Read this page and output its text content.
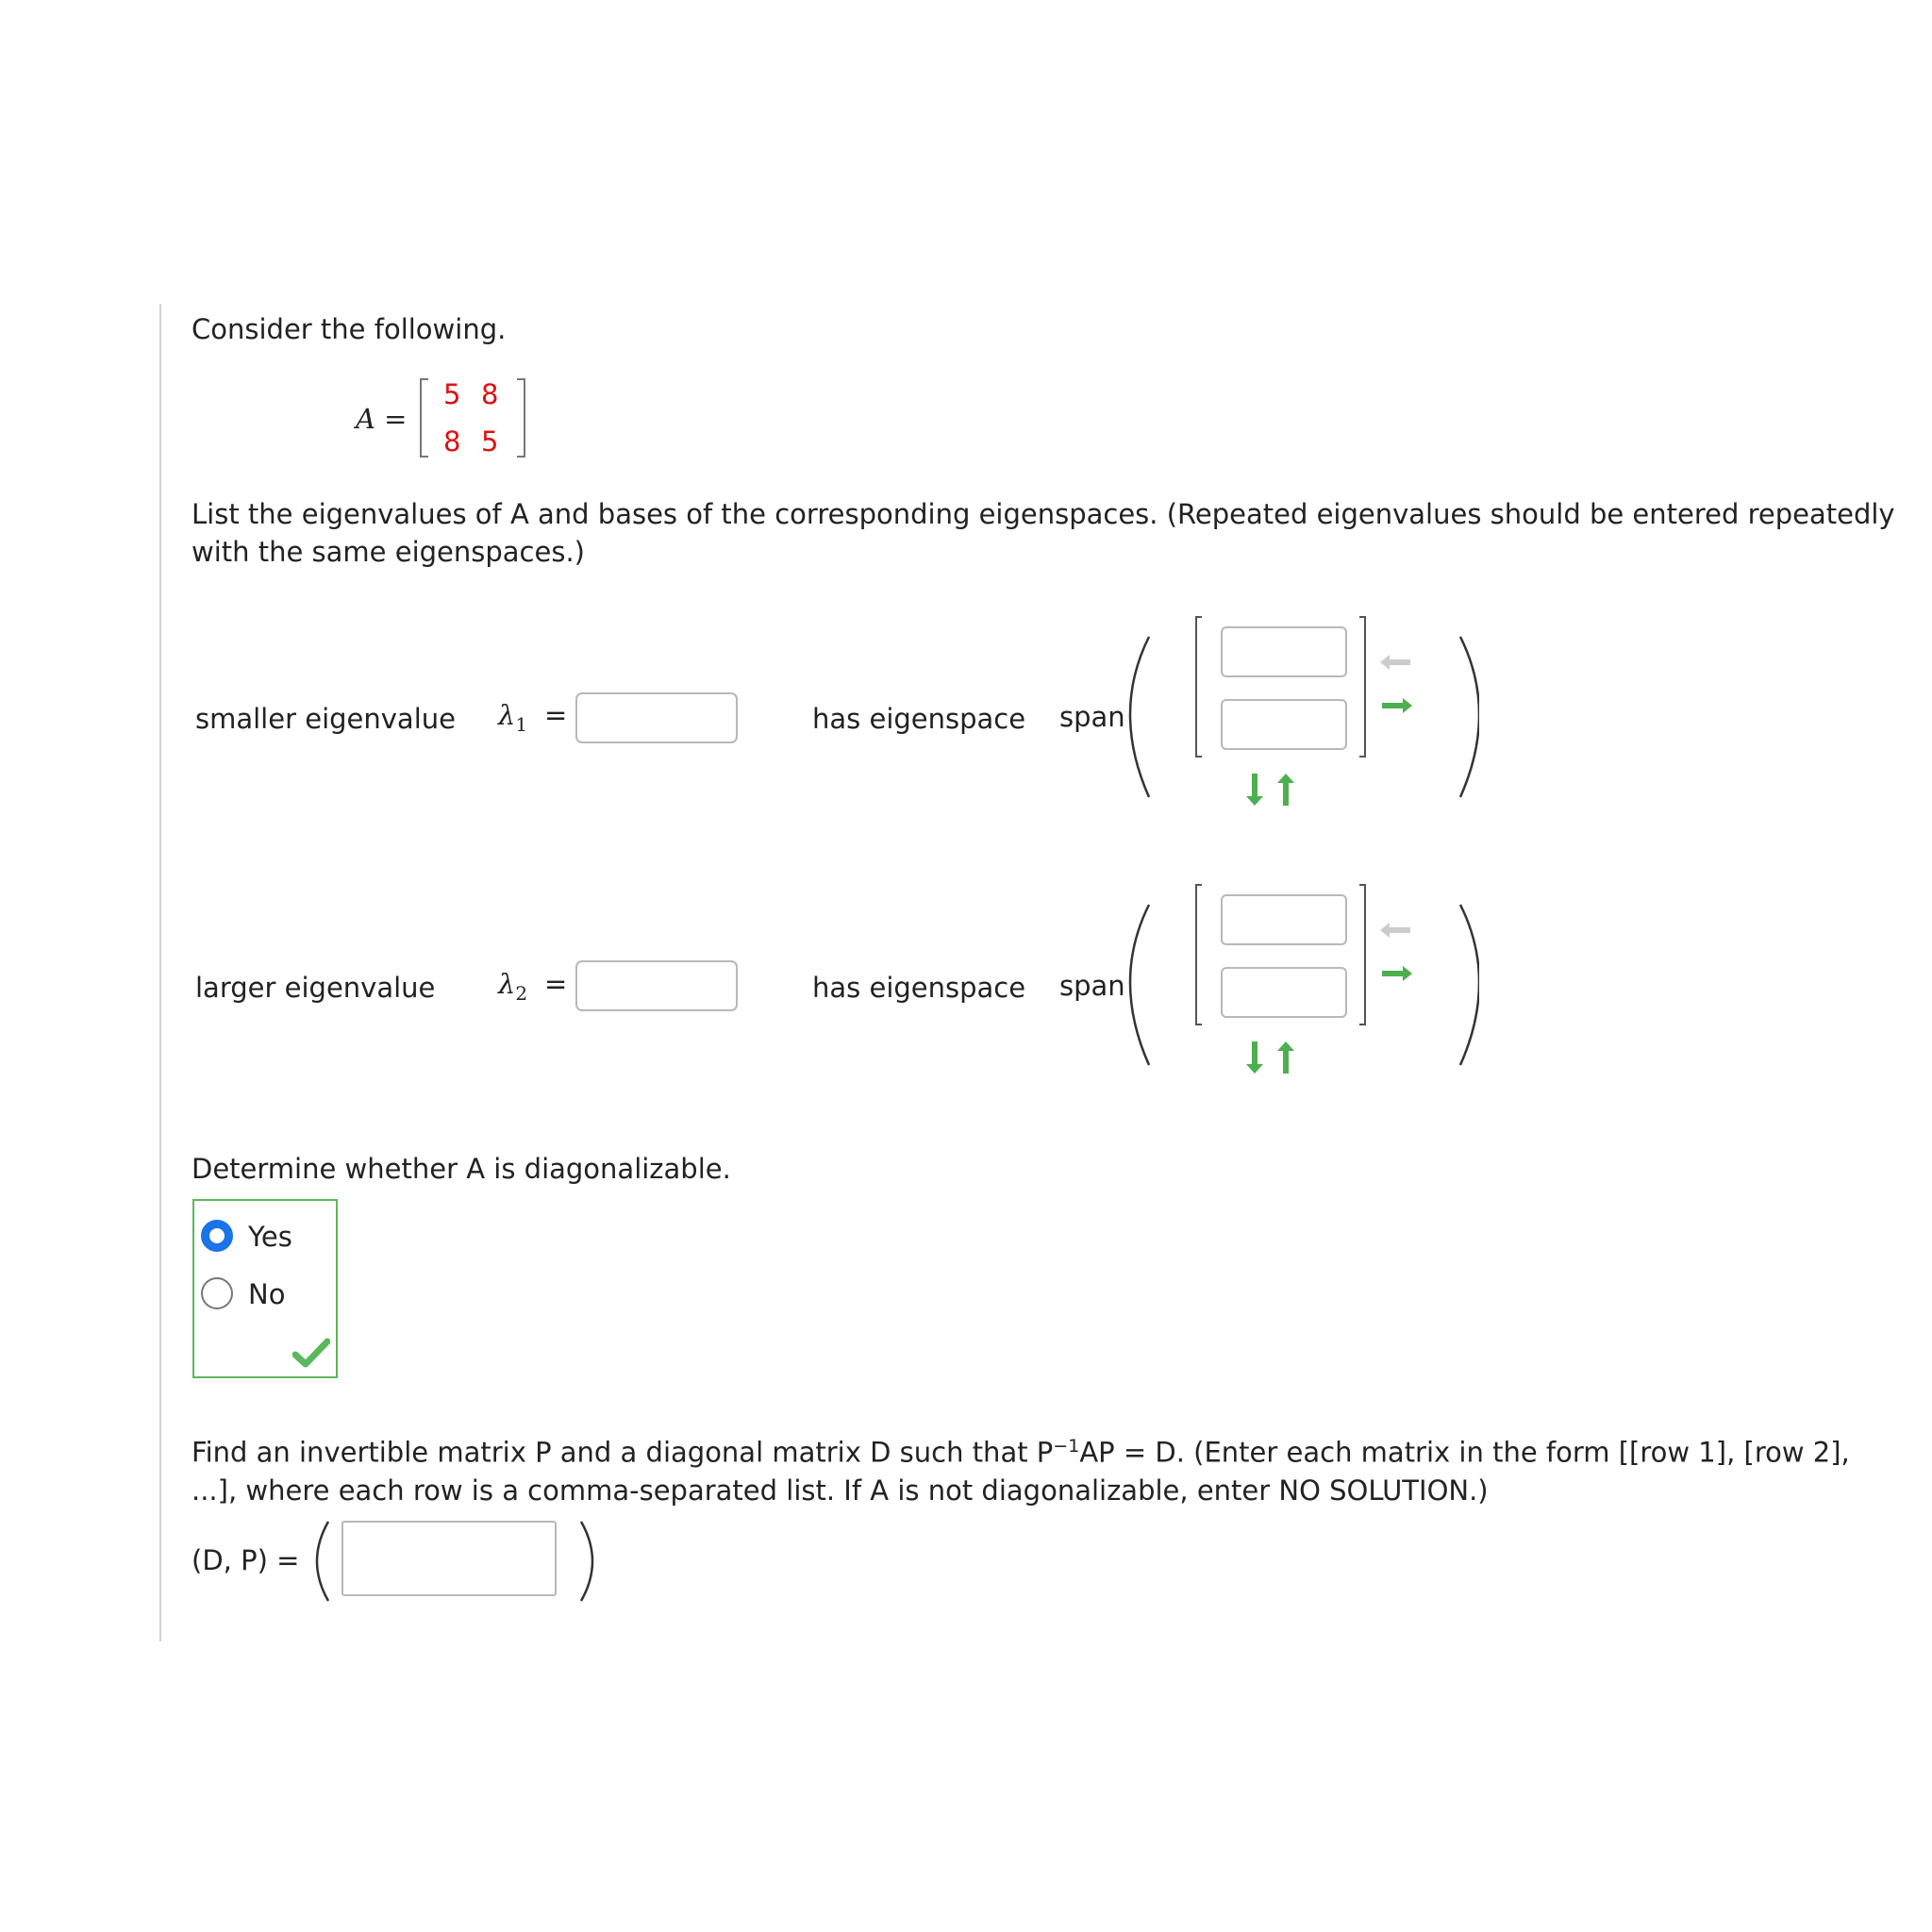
Consider the following.
A =
5 8
8 5
List the eigenvalues of A and bases of the corresponding eigenspaces. (Repeated eigenvalues should be entered repeatedly
with the same eigenspaces.)
smaller eigenvalue $\lambda_1$ =	has eigenspace span
larger eigenvalue $\lambda_2$ =	has eigenspace span
Determine whether A is diagonalizable.
Yes
No
Find an invertible matrix P and a diagonal matrix D such that $P^{-1}AP = D$. (Enter each matrix in the form [[row 1], [row 2],
...], where each row is a comma-separated list. If A is not diagonalizable, enter NO SOLUTION.)
(D, P) =
